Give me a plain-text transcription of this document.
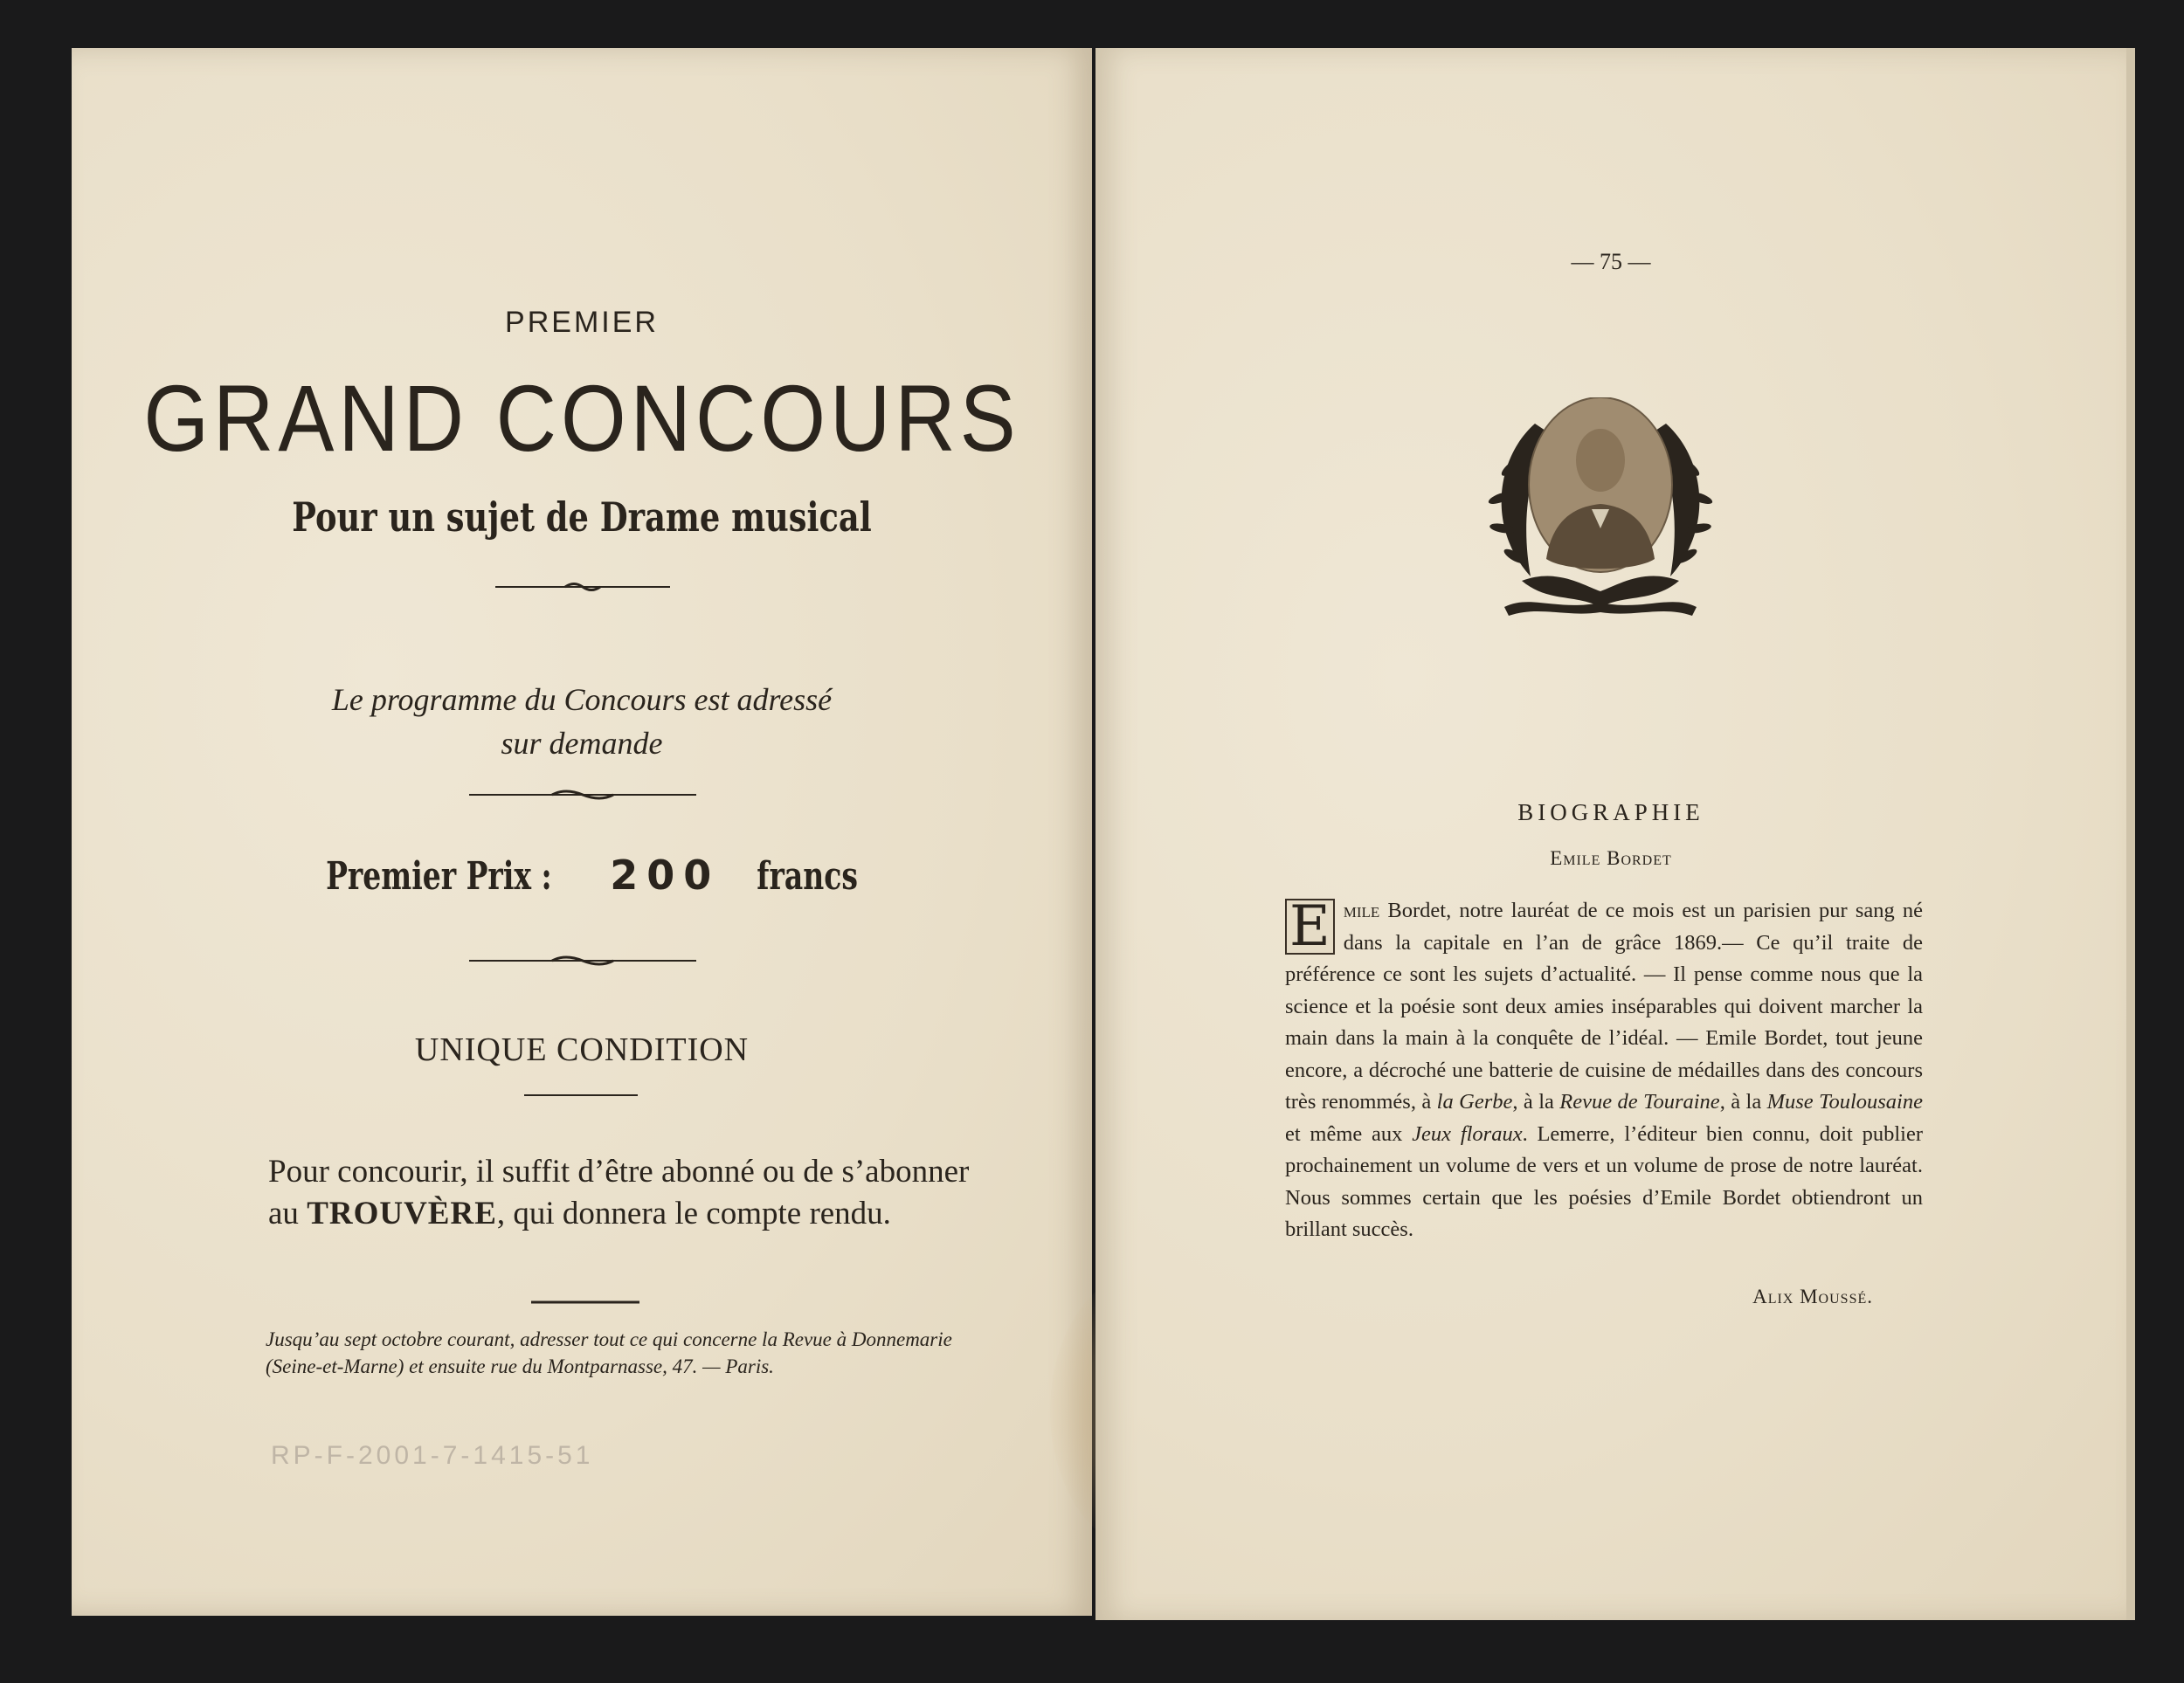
PREMIER
GRAND CONCOURS
Pour un sujet de Drame musical
Le programme du Concours est adressé
sur demande
Premier Prix : 200 francs
UNIQUE CONDITION
Pour concourir, il suffit d’être abonné ou de s’abonner au TROUVÈRE, qui donnera le compte rendu.
Jusqu’au sept octobre courant, adresser tout ce qui concerne la Revue à Donnemarie (Seine-et-Marne) et ensuite rue du Montparnasse, 47. — Paris.
RP-F-2001-7-1415-51
— 75 —
BIOGRAPHIE
Emile Bordet
E mile Bordet, notre lauréat de ce mois est un parisien pur sang né dans la capitale en l’an de grâce 1869.— Ce qu’il traite de préférence ce sont les sujets d’actualité. — Il pense comme nous que la science et la poésie sont deux amies inséparables qui doivent marcher la main dans la main à la conquête de l’idéal. — Emile Bordet, tout jeune encore, a décroché une batterie de cuisine de médailles dans des concours très renommés, à la Gerbe, à la Revue de Touraine, à la Muse Toulousaine et même aux Jeux floraux. Lemerre, l’éditeur bien connu, doit publier prochainement un volume de vers et un volume de prose de notre lauréat. Nous sommes certain que les poésies d’Emile Bordet obtiendront un brillant succès.
Alix Moussé.
